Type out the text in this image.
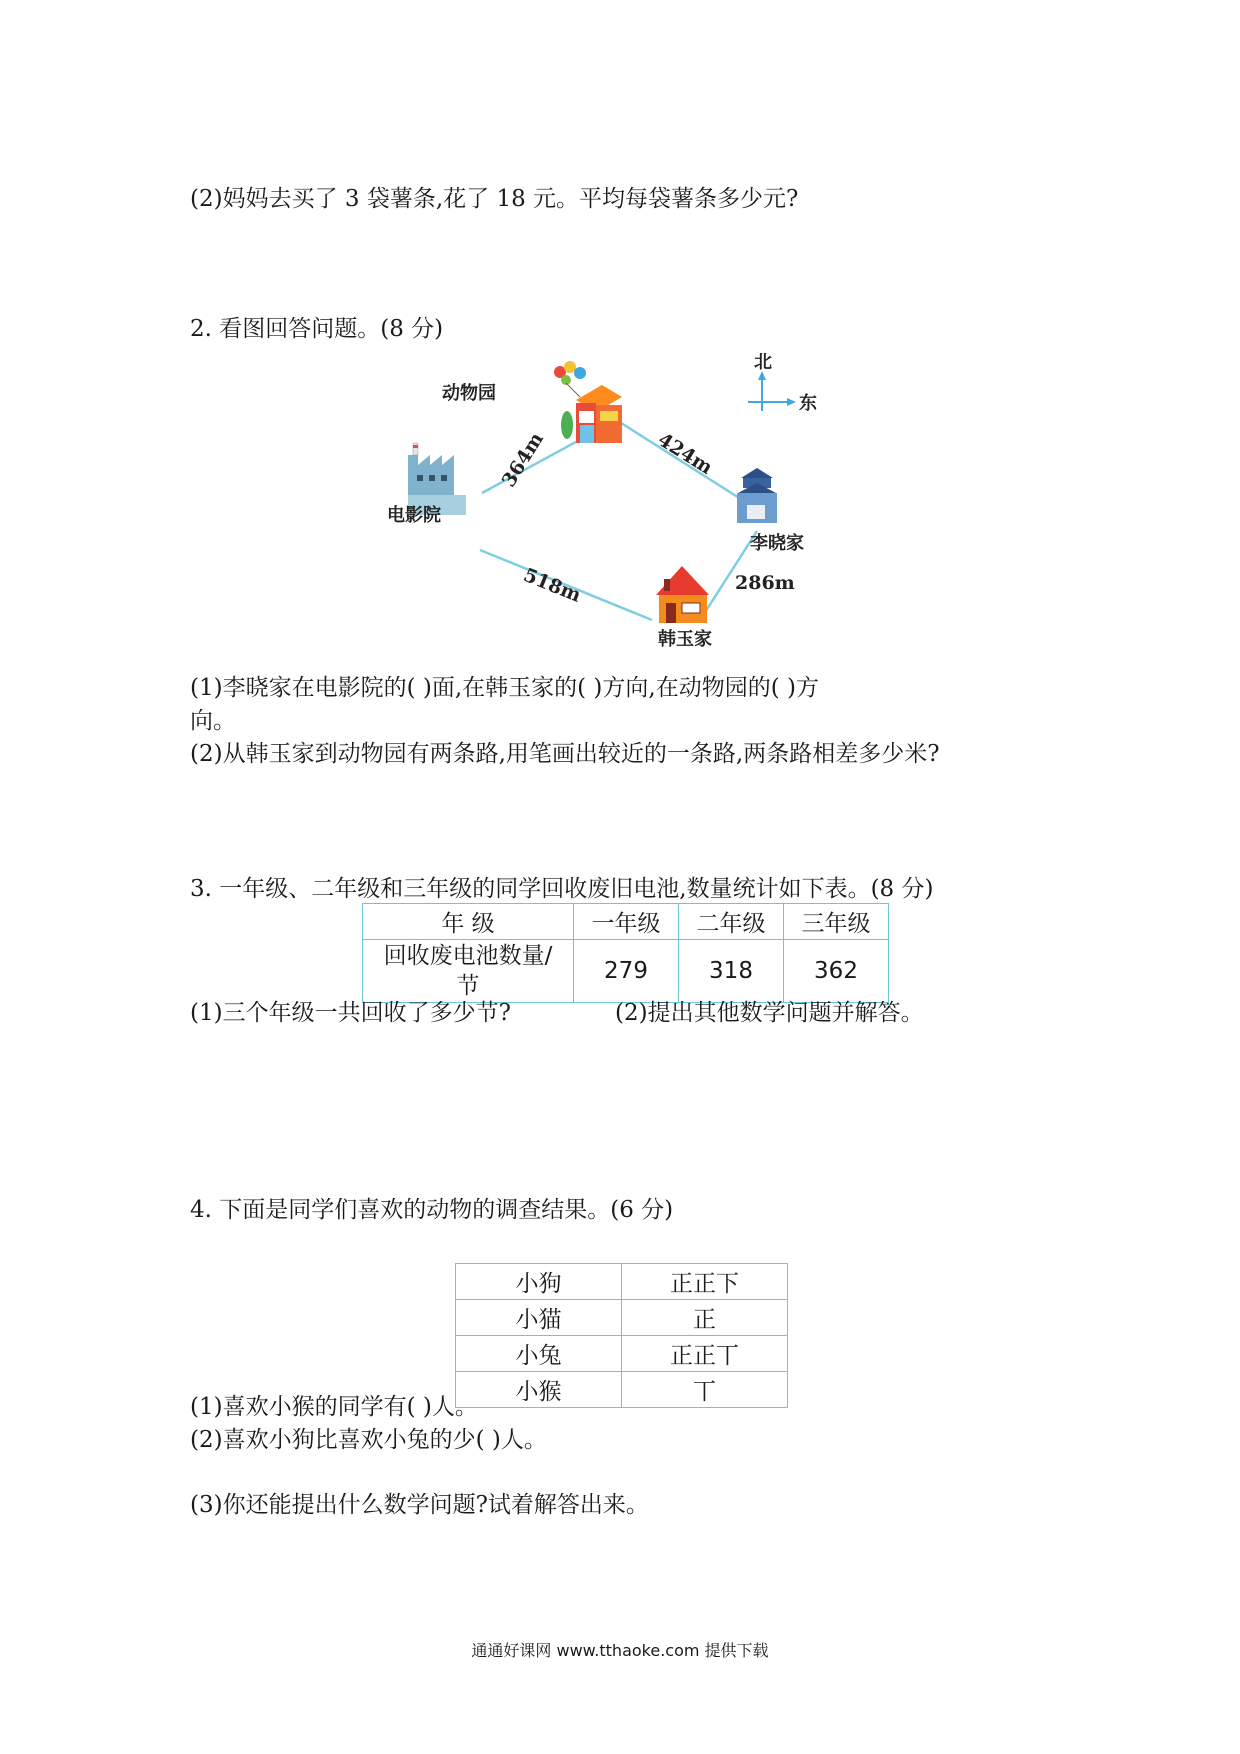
(2)妈妈去买了 3 袋薯条,花了 18 元。平均每袋薯条多少元?
2. 看图回答问题。(8 分)
动物园
电影院
李晓家
韩玉家
364m	424m
286m
518m
北
东
(1)李晓家在电影院的( )面,在韩玉家的( )方向,在动物园的( )方
向。
(2)从韩玉家到动物园有两条路,用笔画出较近的一条路,两条路相差多少米?
3. 一年级、二年级和三年级的同学回收废旧电池,数量统计如下表。(8 分)
年 级	一年级	二年级	三年级

回收废电池数量/
节	279	318	362
(1)三个年级一共回收了多少节?	(2)提出其他数学问题并解答。
4. 下面是同学们喜欢的动物的调查结果。(6 分)
小狗	正正下
小猫	正
小兔	正正丅
小猴	丅
(1)喜欢小猴的同学有( )人。
(2)喜欢小狗比喜欢小兔的少( )人。
(3)你还能提出什么数学问题?试着解答出来。
通通好课网 www.tthaoke.com 提供下载
